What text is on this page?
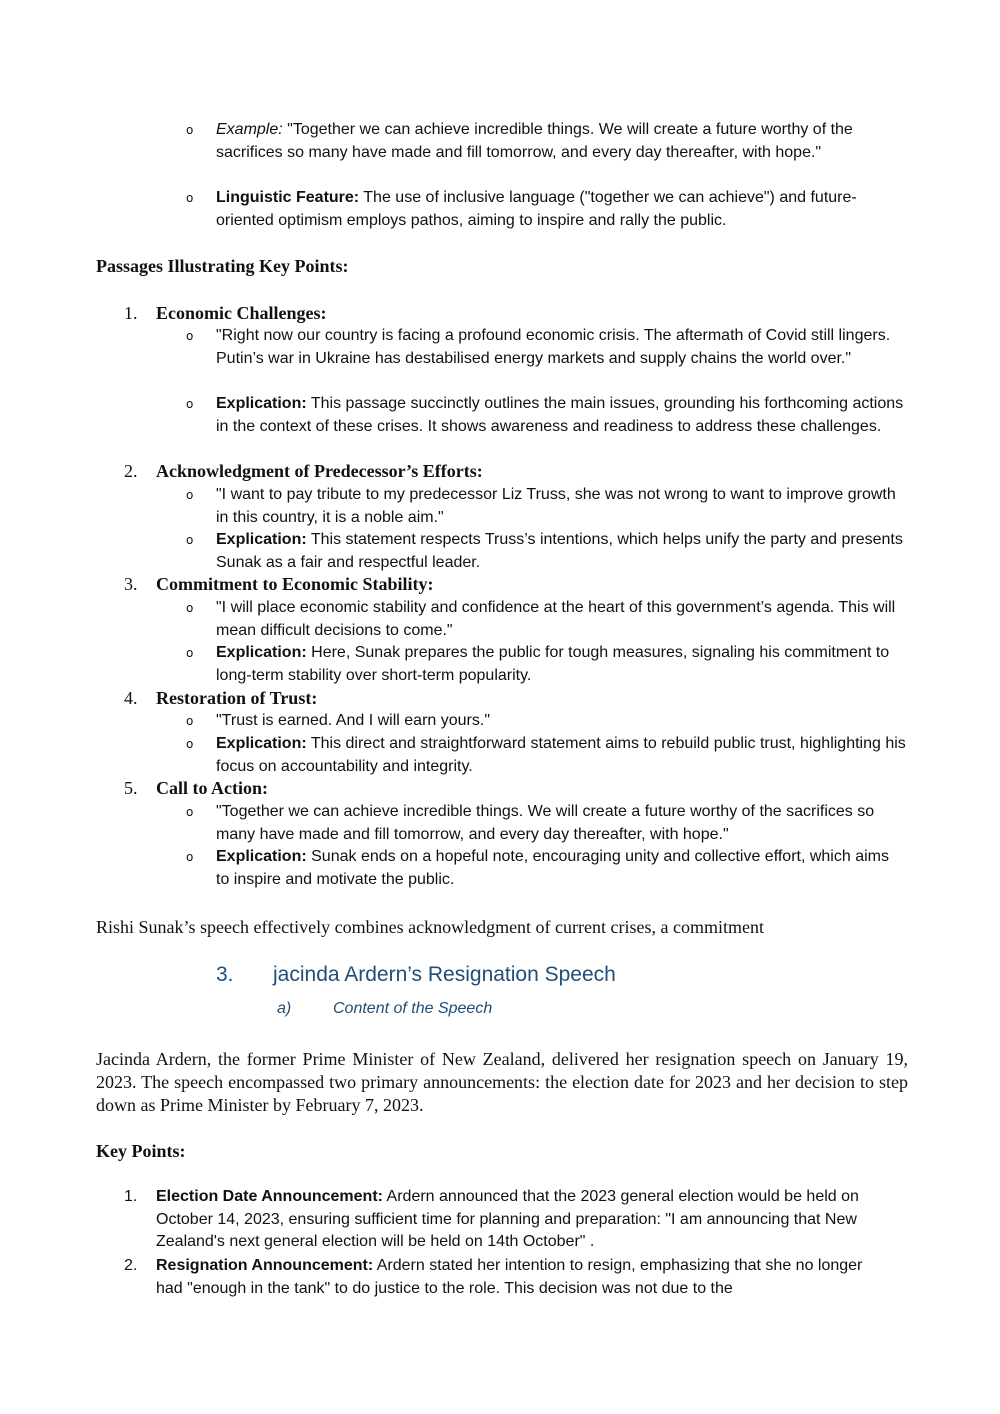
o Example: "Together we can achieve incredible things. We will create a future worthy of the sacrifices so many have made and fill tomorrow, and every day thereafter, with hope."
o Linguistic Feature: The use of inclusive language ("together we can achieve") and future-oriented optimism employs pathos, aiming to inspire and rally the public.
Passages Illustrating Key Points:
1. Economic Challenges:
o "Right now our country is facing a profound economic crisis. The aftermath of Covid still lingers. Putin’s war in Ukraine has destabilised energy markets and supply chains the world over."
o Explication: This passage succinctly outlines the main issues, grounding his forthcoming actions in the context of these crises. It shows awareness and readiness to address these challenges.
2. Acknowledgment of Predecessor’s Efforts:
o "I want to pay tribute to my predecessor Liz Truss, she was not wrong to want to improve growth in this country, it is a noble aim."
o Explication: This statement respects Truss’s intentions, which helps unify the party and presents Sunak as a fair and respectful leader.
3. Commitment to Economic Stability:
o "I will place economic stability and confidence at the heart of this government’s agenda. This will mean difficult decisions to come."
o Explication: Here, Sunak prepares the public for tough measures, signaling his commitment to long-term stability over short-term popularity.
4. Restoration of Trust:
o "Trust is earned. And I will earn yours."
o Explication: This direct and straightforward statement aims to rebuild public trust, highlighting his focus on accountability and integrity.
5. Call to Action:
o "Together we can achieve incredible things. We will create a future worthy of the sacrifices so many have made and fill tomorrow, and every day thereafter, with hope."
o Explication: Sunak ends on a hopeful note, encouraging unity and collective effort, which aims to inspire and motivate the public.
Rishi Sunak’s speech effectively combines acknowledgment of current crises, a commitment
3. jacinda Ardern’s Resignation Speech
a)	Content of the Speech
Jacinda Ardern, the former Prime Minister of New Zealand, delivered her resignation speech on January 19, 2023. The speech encompassed two primary announcements: the election date for 2023 and her decision to step down as Prime Minister by February 7, 2023.
Key Points:
1. Election Date Announcement: Ardern announced that the 2023 general election would be held on October 14, 2023, ensuring sufficient time for planning and preparation: "I am announcing that New Zealand's next general election will be held on 14th October" .
2. Resignation Announcement: Ardern stated her intention to resign, emphasizing that she no longer had "enough in the tank" to do justice to the role. This decision was not due to the
